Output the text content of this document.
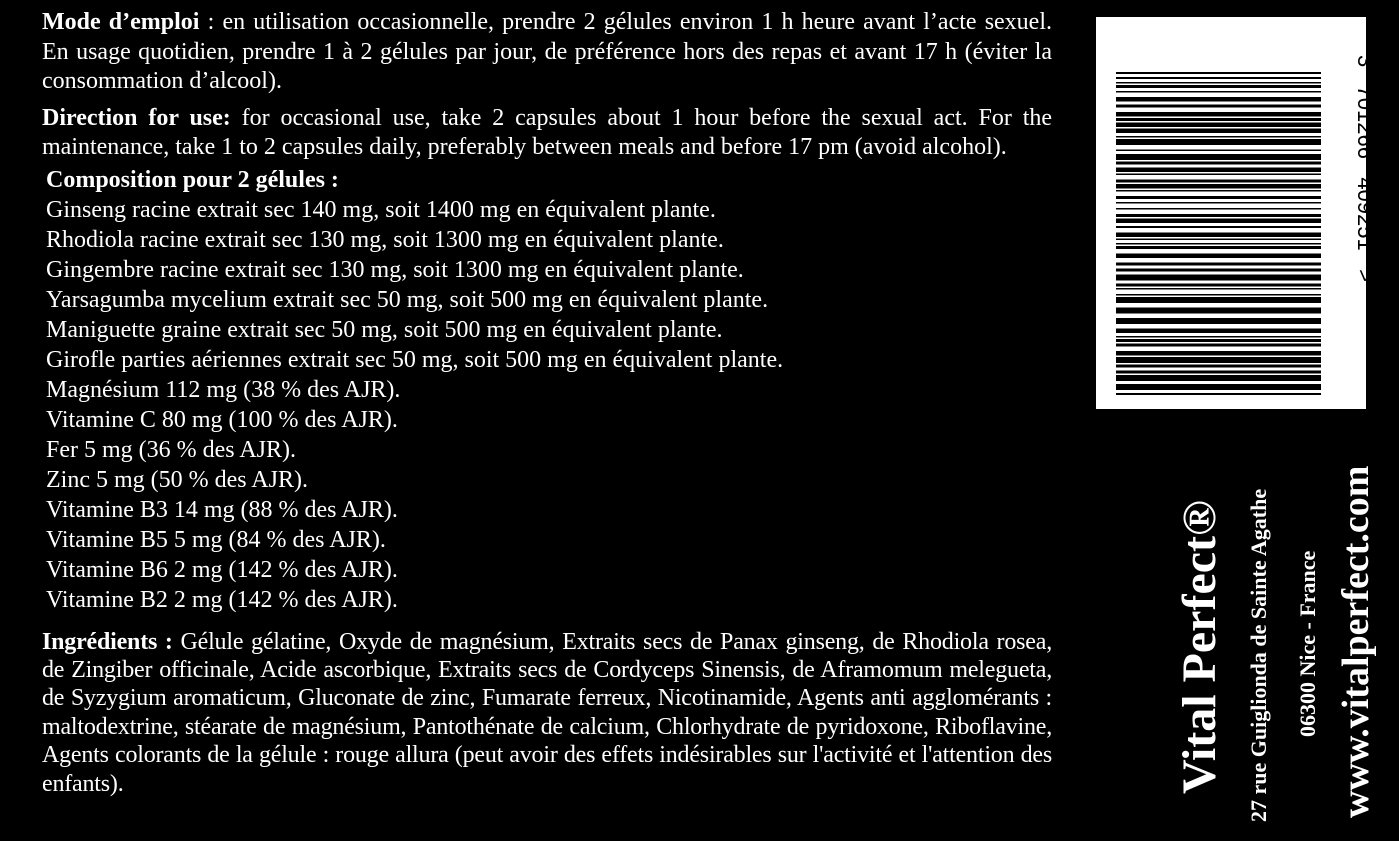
Mode d’emploi : en utilisation occasionnelle, prendre 2 gélules environ 1 h heure avant l’acte sexuel. En usage quotidien, prendre 1 à 2 gélules par jour, de préférence hors des repas et avant 17 h (éviter la consommation d’alcool).

Direction for use: for occasional use, take 2 capsules about 1 hour before the sexual act. For the maintenance, take 1 to 2 capsules daily, preferably between meals and before 17 pm (avoid alcohol).

Composition pour 2 gélules :
Ginseng racine extrait sec 140 mg, soit 1400 mg en équivalent plante.
Rhodiola racine extrait sec 130 mg, soit 1300 mg en équivalent plante.
Gingembre racine extrait sec 130 mg, soit 1300 mg en équivalent plante.
Yarsagumba mycelium extrait sec 50 mg, soit 500 mg en équivalent plante.
Maniguette graine extrait sec 50 mg, soit 500 mg en équivalent plante.
Girofle parties aériennes extrait sec 50 mg, soit 500 mg en équivalent plante.
Magnésium 112 mg (38 % des AJR).
Vitamine C 80 mg (100 % des AJR).
Fer 5 mg (36 % des AJR).
Zinc 5 mg (50 % des AJR).
Vitamine B3 14 mg (88 % des AJR).
Vitamine B5 5 mg (84 % des AJR).
Vitamine B6 2 mg (142 % des AJR).
Vitamine B2 2 mg (142 % des AJR).

Ingrédients : Gélule gélatine, Oxyde de magnésium, Extraits secs de Panax ginseng, de Rhodiola rosea, de Zingiber officinale, Acide ascorbique, Extraits secs de Cordyceps Sinensis, de Aframomum melegueta, de Syzygium aromaticum, Gluconate de zinc, Fumarate ferreux, Nicotinamide, Agents anti agglomérants : maltodextrine, stéarate de magnésium, Pantothénate de calcium, Chlorhydrate de pyridoxone, Riboflavine, Agents colorants de la gélule : rouge allura (peut avoir des effets indésirables sur l'activité et l'attention des enfants).

3   701266   409251   >
Vital Perfect® 27 rue Guiglionda de Sainte Agathe 06300 Nice - France www.vitalperfect.com
